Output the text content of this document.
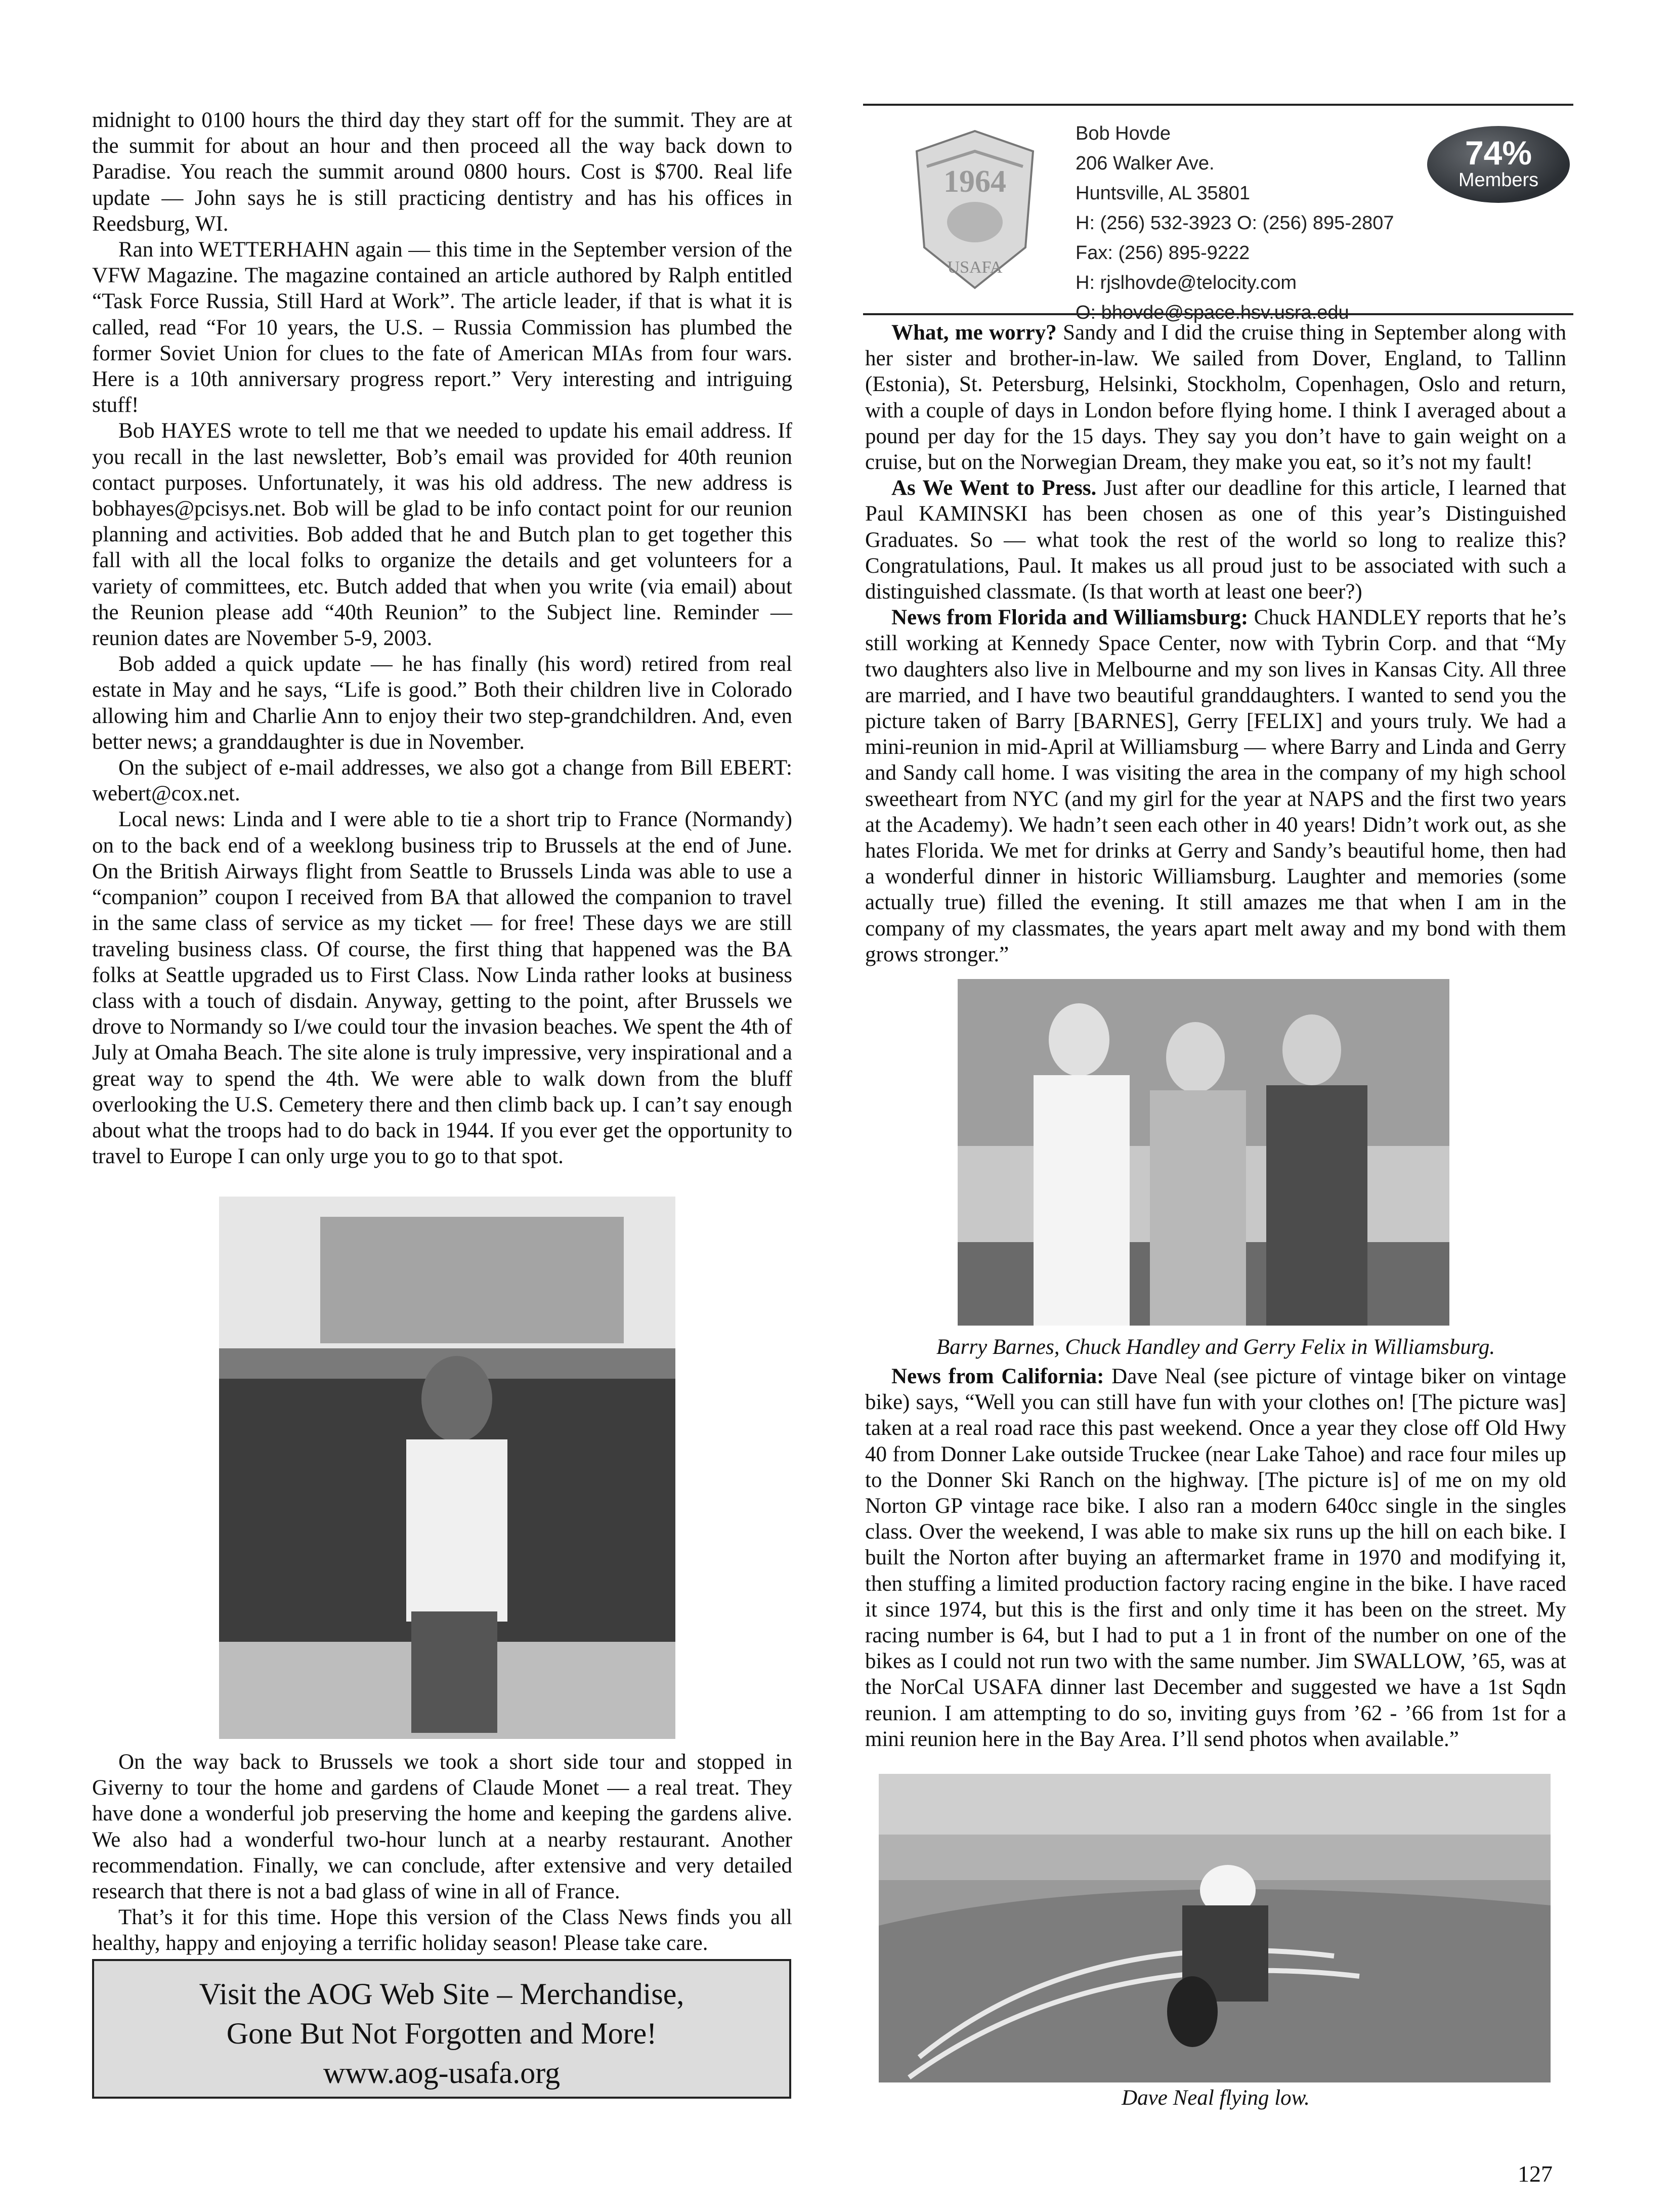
1964
USAFA
Bob Hovde
206 Walker Ave.
Huntsville, AL 35801
H: (256) 532-3923 O: (256) 895-2807
Fax: (256) 895-9222
H: rjslhovde@telocity.com
O: bhovde@space.hsv.usra.edu
74%
Members

midnight to 0100 hours the third day they start off for the summit. They are at the summit for about an hour and then proceed all the way back down to Paradise. You reach the summit around 0800 hours. Cost is $700. Real life update — John says he is still practicing dentistry and has his offices in Reedsburg, WI.

Ran into WETTERHAHN again — this time in the September version of the VFW Magazine. The magazine contained an article authored by Ralph entitled “Task Force Russia, Still Hard at Work”. The article leader, if that is what it is called, read “For 10 years, the U.S. – Russia Commission has plumbed the former Soviet Union for clues to the fate of American MIAs from four wars. Here is a 10th anniversary progress report.” Very interesting and intriguing stuff!

Bob HAYES wrote to tell me that we needed to update his email address. If you recall in the last newsletter, Bob’s email was provided for 40th reunion contact purposes. Unfortunately, it was his old address. The new address is bobhayes@pcisys.net. Bob will be glad to be info contact point for our reunion planning and activities. Bob added that he and Butch plan to get together this fall with all the local folks to organize the details and get volunteers for a variety of committees, etc. Butch added that when you write (via email) about the Reunion please add “40th Reunion” to the Subject line. Reminder — reunion dates are November 5-9, 2003.

Bob added a quick update — he has finally (his word) retired from real estate in May and he says, “Life is good.” Both their children live in Colorado allowing him and Charlie Ann to enjoy their two step-grandchildren. And, even better news; a granddaughter is due in November.

On the subject of e-mail addresses, we also got a change from Bill EBERT: webert@cox.net.

Local news: Linda and I were able to tie a short trip to France (Normandy) on to the back end of a weeklong business trip to Brussels at the end of June. On the British Airways flight from Seattle to Brussels Linda was able to use a “companion” coupon I received from BA that allowed the companion to travel in the same class of service as my ticket — for free! These days we are still traveling business class. Of course, the first thing that happened was the BA folks at Seattle upgraded us to First Class. Now Linda rather looks at business class with a touch of disdain. Anyway, getting to the point, after Brussels we drove to Normandy so I/we could tour the invasion beaches. We spent the 4th of July at Omaha Beach. The site alone is truly impressive, very inspirational and a great way to spend the 4th. We were able to walk down from the bluff overlooking the U.S. Cemetery there and then climb back up. I can’t say enough about what the troops had to do back in 1944. If you ever get the opportunity to travel to Europe I can only urge you to go to that spot.

On the way back to Brussels we took a short side tour and stopped in Giverny to tour the home and gardens of Claude Monet — a real treat. They have done a wonderful job preserving the home and keeping the gardens alive. We also had a wonderful two-hour lunch at a nearby restaurant. Another recommendation. Finally, we can conclude, after extensive and very detailed research that there is not a bad glass of wine in all of France.

That’s it for this time. Hope this version of the Class News finds you all healthy, happy and enjoying a terrific holiday season! Please take care.

Visit the AOG Web Site – Merchandise,
Gone But Not Forgotten and More!
www.aog-usafa.org

What, me worry? Sandy and I did the cruise thing in September along with her sister and brother-in-law. We sailed from Dover, England, to Tallinn (Estonia), St. Petersburg, Helsinki, Stockholm, Copenhagen, Oslo and return, with a couple of days in London before flying home. I think I averaged about a pound per day for the 15 days. They say you don’t have to gain weight on a cruise, but on the Norwegian Dream, they make you eat, so it’s not my fault!

As We Went to Press. Just after our deadline for this article, I learned that Paul KAMINSKI has been chosen as one of this year’s Distinguished Graduates. So — what took the rest of the world so long to realize this? Congratulations, Paul. It makes us all proud just to be associated with such a distinguished classmate. (Is that worth at least one beer?)

News from Florida and Williamsburg: Chuck HANDLEY reports that he’s still working at Kennedy Space Center, now with Tybrin Corp. and that “My two daughters also live in Melbourne and my son lives in Kansas City. All three are married, and I have two beautiful granddaughters. I wanted to send you the picture taken of Barry [BARNES], Gerry [FELIX] and yours truly. We had a mini-reunion in mid-April at Williamsburg — where Barry and Linda and Gerry and Sandy call home. I was visiting the area in the company of my high school sweetheart from NYC (and my girl for the year at NAPS and the first two years at the Academy). We hadn’t seen each other in 40 years! Didn’t work out, as she hates Florida. We met for drinks at Gerry and Sandy’s beautiful home, then had a wonderful dinner in historic Williamsburg. Laughter and memories (some actually true) filled the evening. It still amazes me that when I am in the company of my classmates, the years apart melt away and my bond with them grows stronger.”

Barry Barnes, Chuck Handley and Gerry Felix in Williamsburg.

News from California: Dave Neal (see picture of vintage biker on vintage bike) says, “Well you can still have fun with your clothes on! [The picture was] taken at a real road race this past weekend. Once a year they close off Old Hwy 40 from Donner Lake outside Truckee (near Lake Tahoe) and race four miles up to the Donner Ski Ranch on the highway. [The picture is] of me on my old Norton GP vintage race bike. I also ran a modern 640cc single in the singles class. Over the weekend, I was able to make six runs up the hill on each bike. I built the Norton after buying an aftermarket frame in 1970 and modifying it, then stuffing a limited production factory racing engine in the bike. I have raced it since 1974, but this is the first and only time it has been on the street. My racing number is 64, but I had to put a 1 in front of the number on one of the bikes as I could not run two with the same number. Jim SWALLOW, ’65, was at the NorCal USAFA dinner last December and suggested we have a 1st Sqdn reunion. I am attempting to do so, inviting guys from ’62 - ’66 from 1st for a mini reunion here in the Bay Area. I’ll send photos when available.”

Dave Neal flying low.
127
